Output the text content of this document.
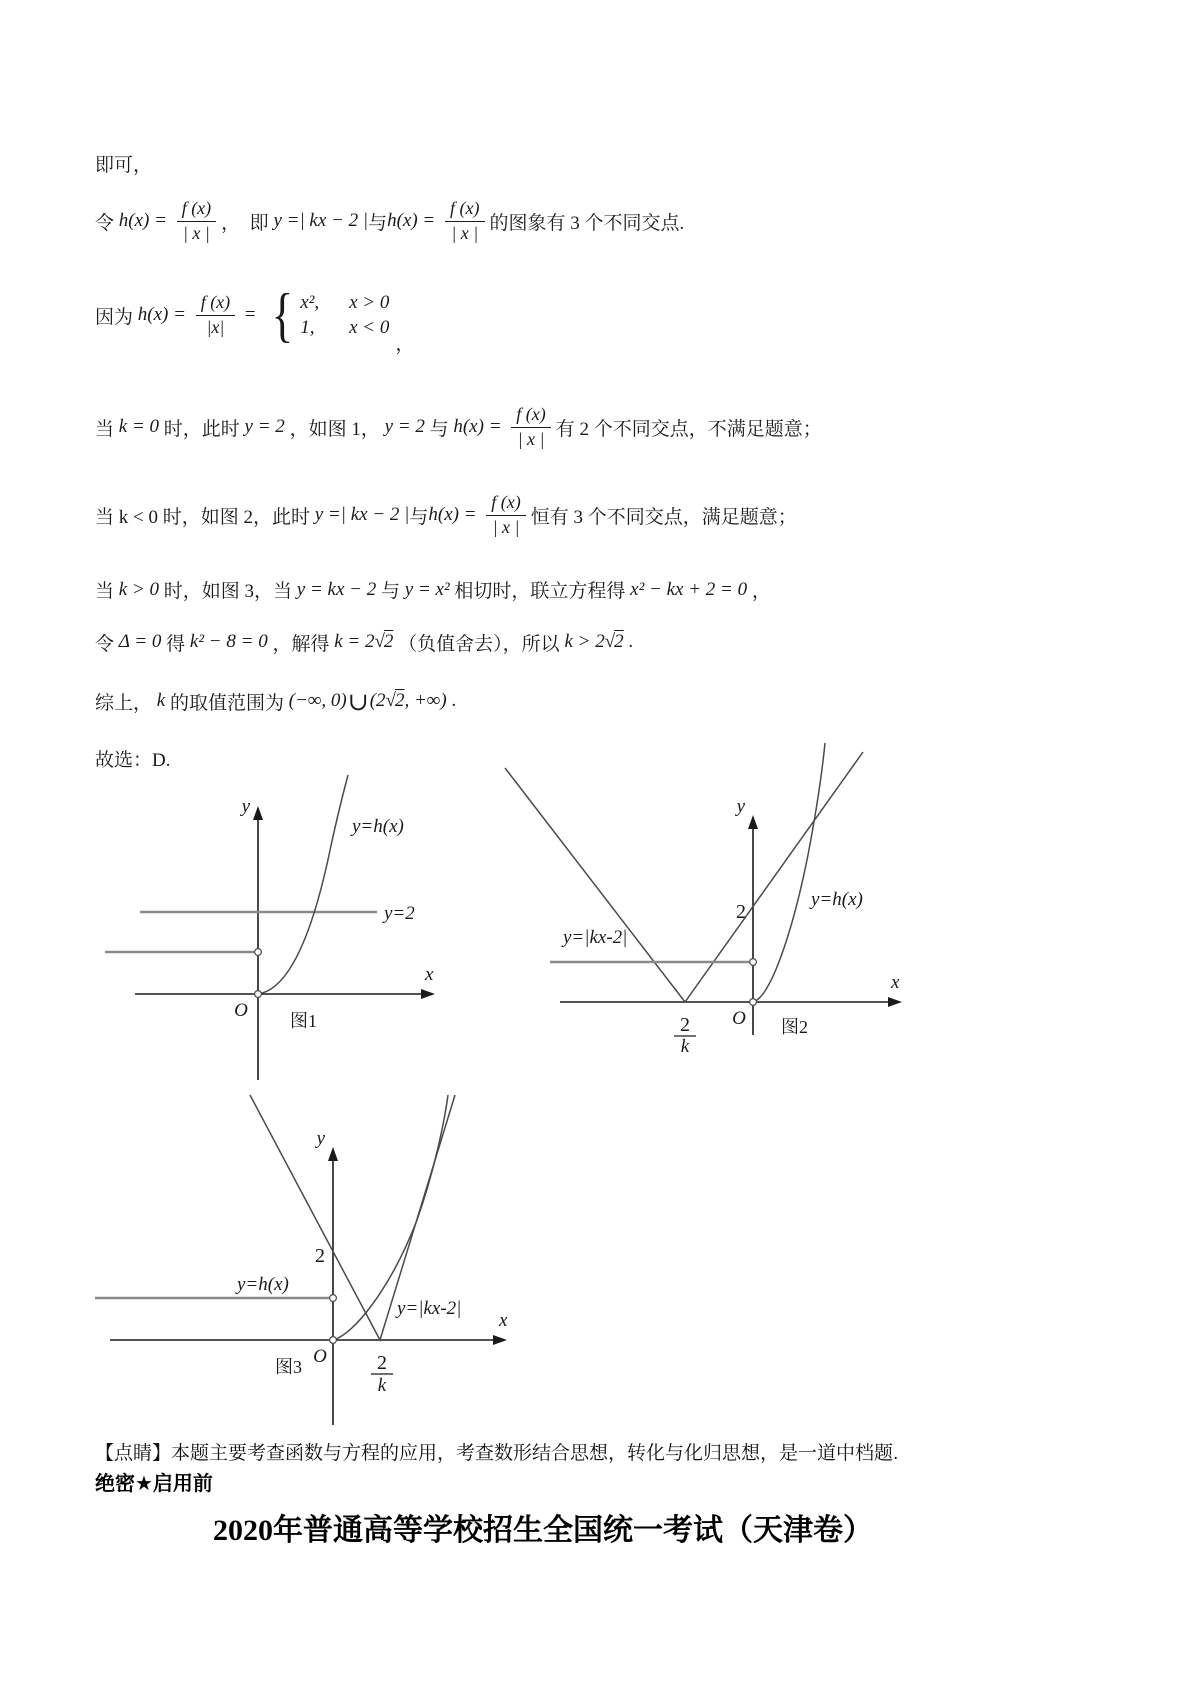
即可，
令 $h(x) = \frac{f (x)}{| x |}$ ，  即 y =| kx − 2 | 与 $h(x) = \frac{f (x)}{| x |}$ 的图象有 3 个不同交点.
因为 $h(x) = \frac{f (x)}{|x|}$ = { x², x > 0
1, x < 0
，
当 k = 0 时，此时 y = 2 ，如图 1， y = 2 与 $h(x) = \frac{f (x)}{| x |}$ 有 2 个不同交点，不满足题意；
当 k < 0 时，如图 2，此时 y =| kx − 2 | 与 $h(x) = \frac{f (x)}{| x |}$ 恒有 3 个不同交点，满足题意；
当 k > 0 时，如图 3，当 y = kx − 2 与 y = x² 相切时，联立方程得 x² − kx + 2 = 0 ，
令 Δ = 0 得 k² − 8 = 0 ，解得 k = 2 √ 2 （负值舍去），所以 k > 2 √ 2 .
综上， k 的取值范围为 (−∞, 0) ∪ (2 √ 2 , +∞) .
故选：D.
y
x
y=h(x)
y=2
O 图1
y
x
2
y=h(x)
y=|kx-2|
O
2
k
图2
y
x
2
y=h(x)
y=|kx-2|
O	2
k
图3
【点睛】本题主要考查函数与方程的应用，考查数形结合思想，转化与化归思想，是一道中档题.
绝密★启用前
2020年普通高等学校招生全国统一考试（天津卷）
